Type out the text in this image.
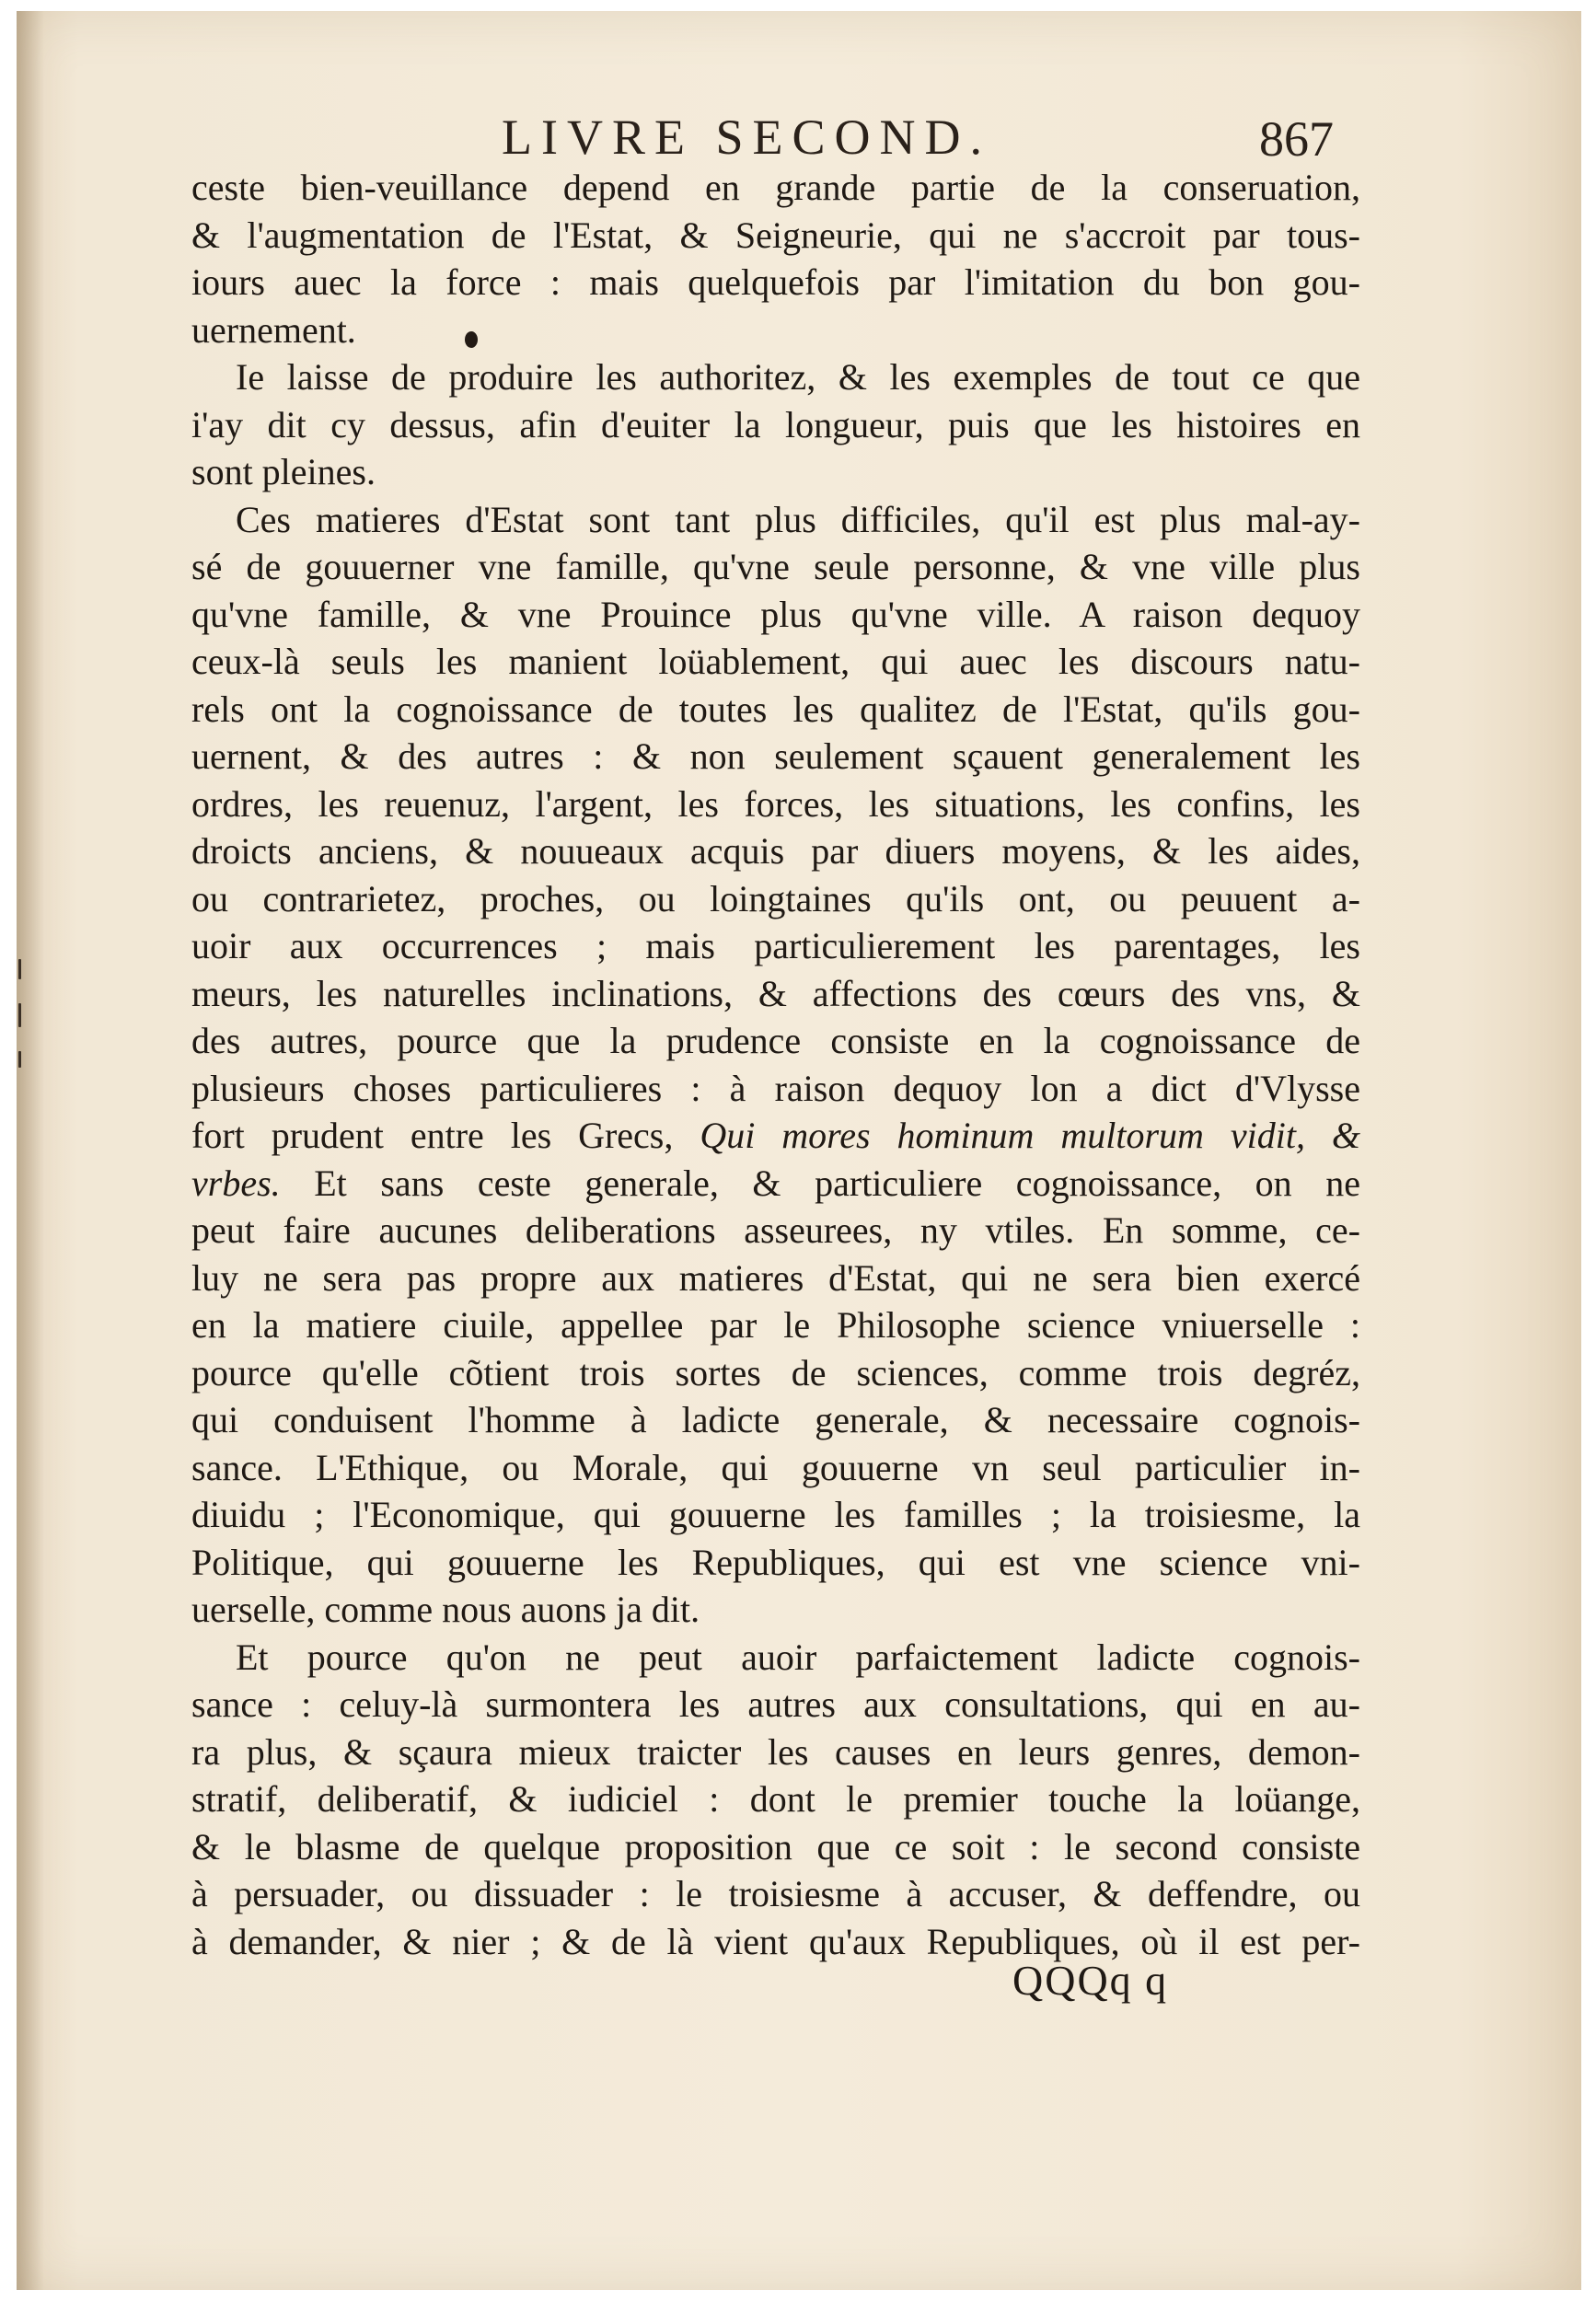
LIVRE SECOND.	867
ceste bien-veuillance depend en grande partie de la conseruation,
& l'augmentation de l'Estat, & Seigneurie, qui ne s'accroit par tous-
iours auec la force : mais quelquefois par l'imitation du bon gou-
uernement.
Ie laisse de produire les authoritez, & les exemples de tout ce que
i'ay dit cy dessus, afin d'euiter la longueur, puis que les histoires en
sont pleines.
Ces matieres d'Estat sont tant plus difficiles, qu'il est plus mal-ay-
sé de gouuerner vne famille, qu'vne seule personne, & vne ville plus
qu'vne famille, & vne Prouince plus qu'vne ville. A raison dequoy
ceux-là seuls les manient loüablement, qui auec les discours natu-
rels ont la cognoissance de toutes les qualitez de l'Estat, qu'ils gou-
uernent, & des autres : & non seulement sçauent generalement les
ordres, les reuenuz, l'argent, les forces, les situations, les confins, les
droicts anciens, & nouueaux acquis par diuers moyens, & les aides,
ou contrarietez, proches, ou loingtaines qu'ils ont, ou peuuent a-
uoir aux occurrences ; mais particulierement les parentages, les
meurs, les naturelles inclinations, & affections des cœurs des vns, &
des autres, pource que la prudence consiste en la cognoissance de
plusieurs choses particulieres : à raison dequoy lon a dict d'Vlysse
fort prudent entre les Grecs, Qui mores hominum multorum vidit, &
vrbes. Et sans ceste generale, & particuliere cognoissance, on ne
peut faire aucunes deliberations asseurees, ny vtiles. En somme, ce-
luy ne sera pas propre aux matieres d'Estat, qui ne sera bien exercé
en la matiere ciuile, appellee par le Philosophe science vniuerselle :
pource qu'elle cõtient trois sortes de sciences, comme trois degréz,
qui conduisent l'homme à ladicte generale, & necessaire cognois-
sance. L'Ethique, ou Morale, qui gouuerne vn seul particulier in-
diuidu ; l'Economique, qui gouuerne les familles ; la troisiesme, la
Politique, qui gouuerne les Republiques, qui est vne science vni-
uerselle, comme nous auons ja dit.
Et pource qu'on ne peut auoir parfaictement ladicte cognois-
sance : celuy-là surmontera les autres aux consultations, qui en au-
ra plus, & sçaura mieux traicter les causes en leurs genres, demon-
stratif, deliberatif, & iudiciel : dont le premier touche la loüange,
& le blasme de quelque proposition que ce soit : le second consiste
à persuader, ou dissuader : le troisiesme à accuser, & deffendre, ou
à demander, & nier ; & de là vient qu'aux Republiques, où il est per-
QQQq q
